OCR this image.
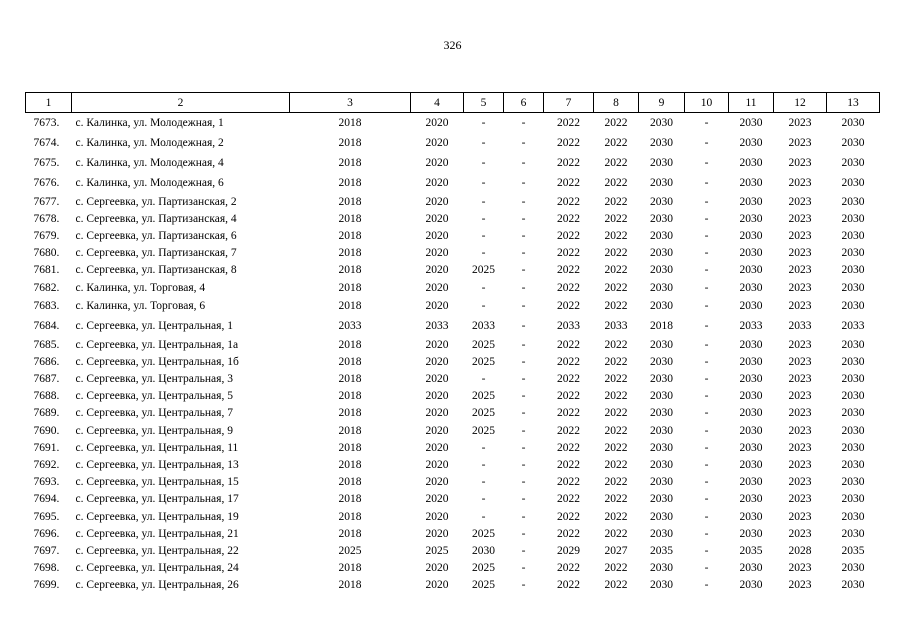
326
1	2	3	4	5	6	7	8	9	10	11	12	13
7673.	с. Калинка, ул. Молодежная, 1	2018	2020	-	-	2022	2022	2030	-	2030	2023	2030
7674.	с. Калинка, ул. Молодежная, 2	2018	2020	-	-	2022	2022	2030	-	2030	2023	2030
7675.	с. Калинка, ул. Молодежная, 4	2018	2020	-	-	2022	2022	2030	-	2030	2023	2030
7676.	с. Калинка, ул. Молодежная, 6	2018	2020	-	-	2022	2022	2030	-	2030	2023	2030
7677.	с. Сергеевка, ул. Партизанская, 2	2018	2020	-	-	2022	2022	2030	-	2030	2023	2030
7678.	с. Сергеевка, ул. Партизанская, 4	2018	2020	-	-	2022	2022	2030	-	2030	2023	2030
7679.	с. Сергеевка, ул. Партизанская, 6	2018	2020	-	-	2022	2022	2030	-	2030	2023	2030
7680.	с. Сергеевка, ул. Партизанская, 7	2018	2020	-	-	2022	2022	2030	-	2030	2023	2030
7681.	с. Сергеевка, ул. Партизанская, 8	2018	2020	2025	-	2022	2022	2030	-	2030	2023	2030
7682.	с. Калинка, ул. Торговая, 4	2018	2020	-	-	2022	2022	2030	-	2030	2023	2030
7683.	с. Калинка, ул. Торговая, 6	2018	2020	-	-	2022	2022	2030	-	2030	2023	2030
7684.	с. Сергеевка, ул. Центральная, 1	2033	2033	2033	-	2033	2033	2018	-	2033	2033	2033
7685.	с. Сергеевка, ул. Центральная, 1а	2018	2020	2025	-	2022	2022	2030	-	2030	2023	2030
7686.	с. Сергеевка, ул. Центральная, 1б	2018	2020	2025	-	2022	2022	2030	-	2030	2023	2030
7687.	с. Сергеевка, ул. Центральная, 3	2018	2020	-	-	2022	2022	2030	-	2030	2023	2030
7688.	с. Сергеевка, ул. Центральная, 5	2018	2020	2025	-	2022	2022	2030	-	2030	2023	2030
7689.	с. Сергеевка, ул. Центральная, 7	2018	2020	2025	-	2022	2022	2030	-	2030	2023	2030
7690.	с. Сергеевка, ул. Центральная, 9	2018	2020	2025	-	2022	2022	2030	-	2030	2023	2030
7691.	с. Сергеевка, ул. Центральная, 11	2018	2020	-	-	2022	2022	2030	-	2030	2023	2030
7692.	с. Сергеевка, ул. Центральная, 13	2018	2020	-	-	2022	2022	2030	-	2030	2023	2030
7693.	с. Сергеевка, ул. Центральная, 15	2018	2020	-	-	2022	2022	2030	-	2030	2023	2030
7694.	с. Сергеевка, ул. Центральная, 17	2018	2020	-	-	2022	2022	2030	-	2030	2023	2030
7695.	с. Сергеевка, ул. Центральная, 19	2018	2020	-	-	2022	2022	2030	-	2030	2023	2030
7696.	с. Сергеевка, ул. Центральная, 21	2018	2020	2025	-	2022	2022	2030	-	2030	2023	2030
7697.	с. Сергеевка, ул. Центральная, 22	2025	2025	2030	-	2029	2027	2035	-	2035	2028	2035
7698.	с. Сергеевка, ул. Центральная, 24	2018	2020	2025	-	2022	2022	2030	-	2030	2023	2030
7699.	с. Сергеевка, ул. Центральная, 26	2018	2020	2025	-	2022	2022	2030	-	2030	2023	2030
